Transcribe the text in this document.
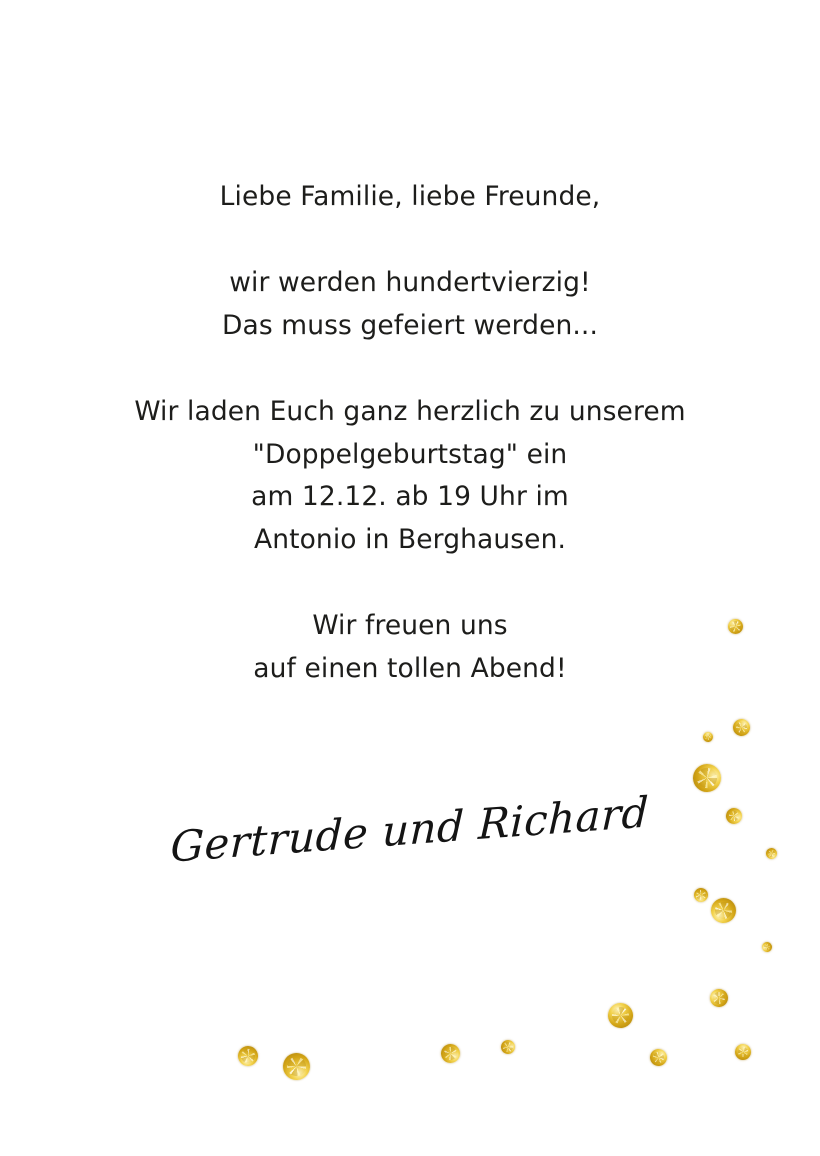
Liebe Familie, liebe Freunde,

wir werden hundertvierzig!
Das muss gefeiert werden...

Wir laden Euch ganz herzlich zu unserem
"Doppelgeburtstag" ein
am 12.12. ab 19 Uhr im
Antonio in Berghausen.

Wir freuen uns
auf einen tollen Abend!

Gertrude und Richard
